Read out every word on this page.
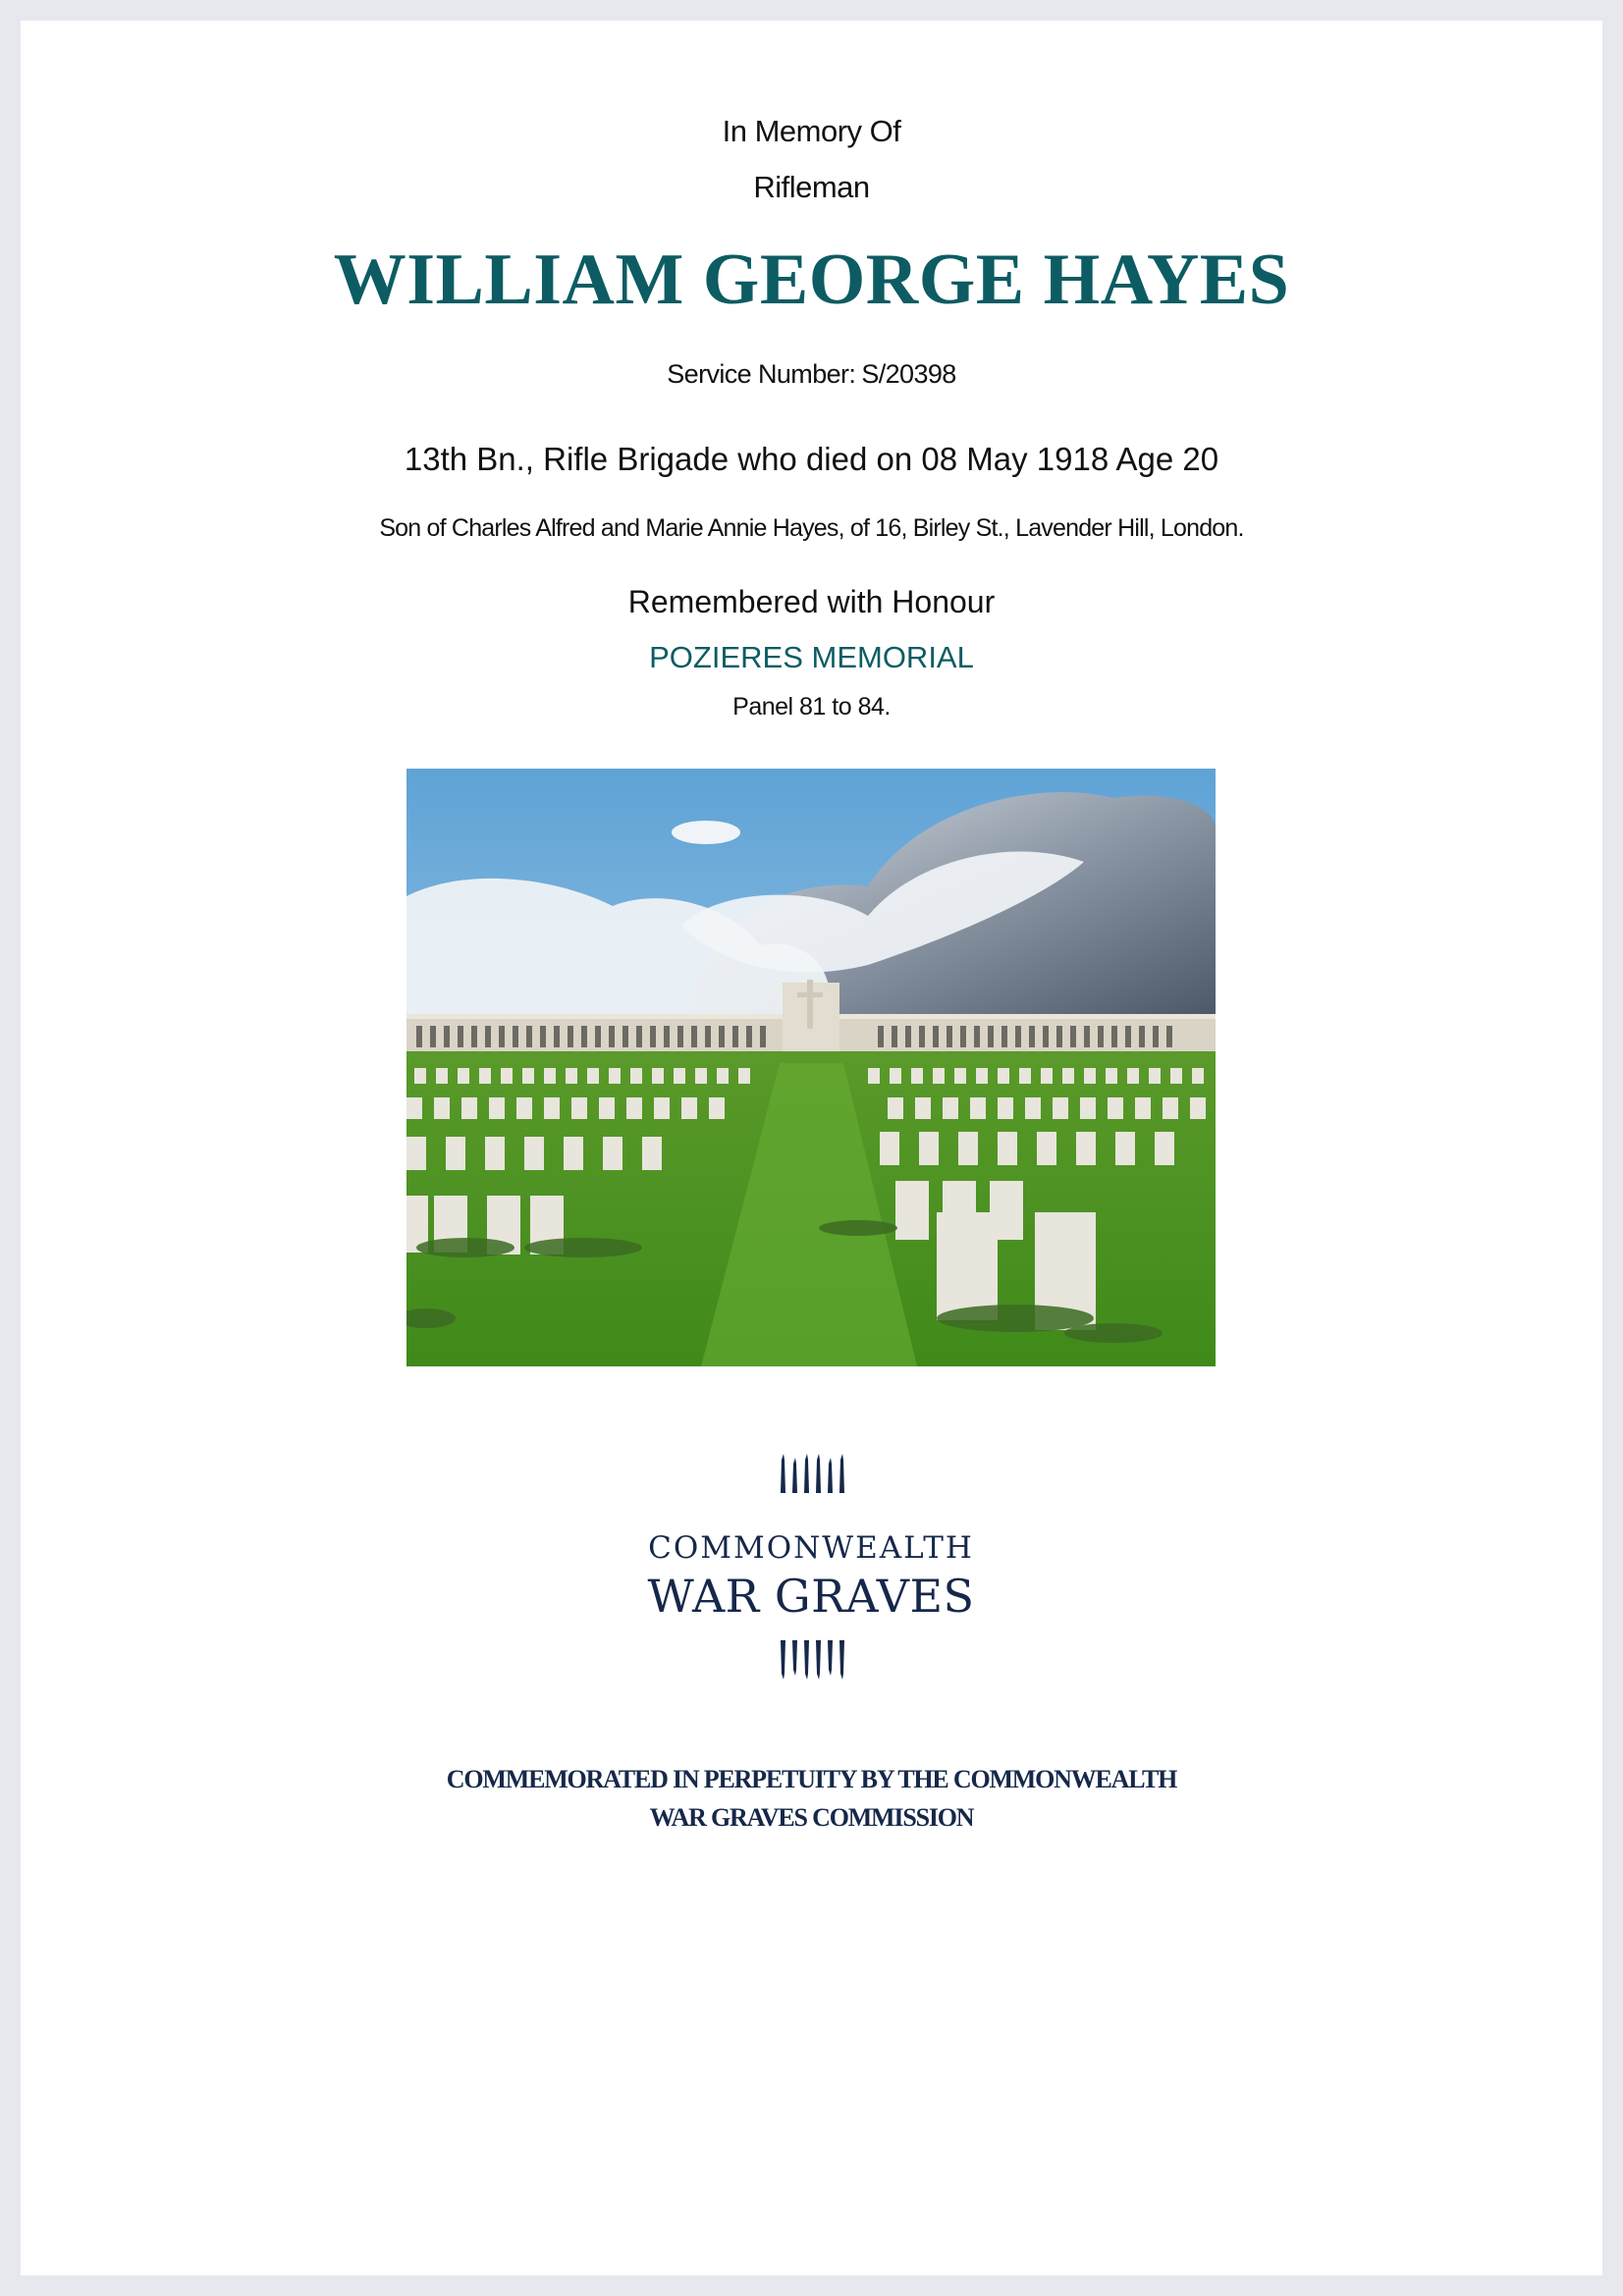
In Memory Of
Rifleman
WILLIAM GEORGE HAYES
Service Number: S/20398
13th Bn., Rifle Brigade who died on 08 May 1918 Age 20
Son of Charles Alfred and Marie Annie Hayes, of 16, Birley St., Lavender Hill, London.
Remembered with Honour
POZIERES MEMORIAL
Panel 81 to 84.
COMMONWEALTH
WAR GRAVES
COMMEMORATED IN PERPETUITY BY THE COMMONWEALTH
WAR GRAVES COMMISSION
